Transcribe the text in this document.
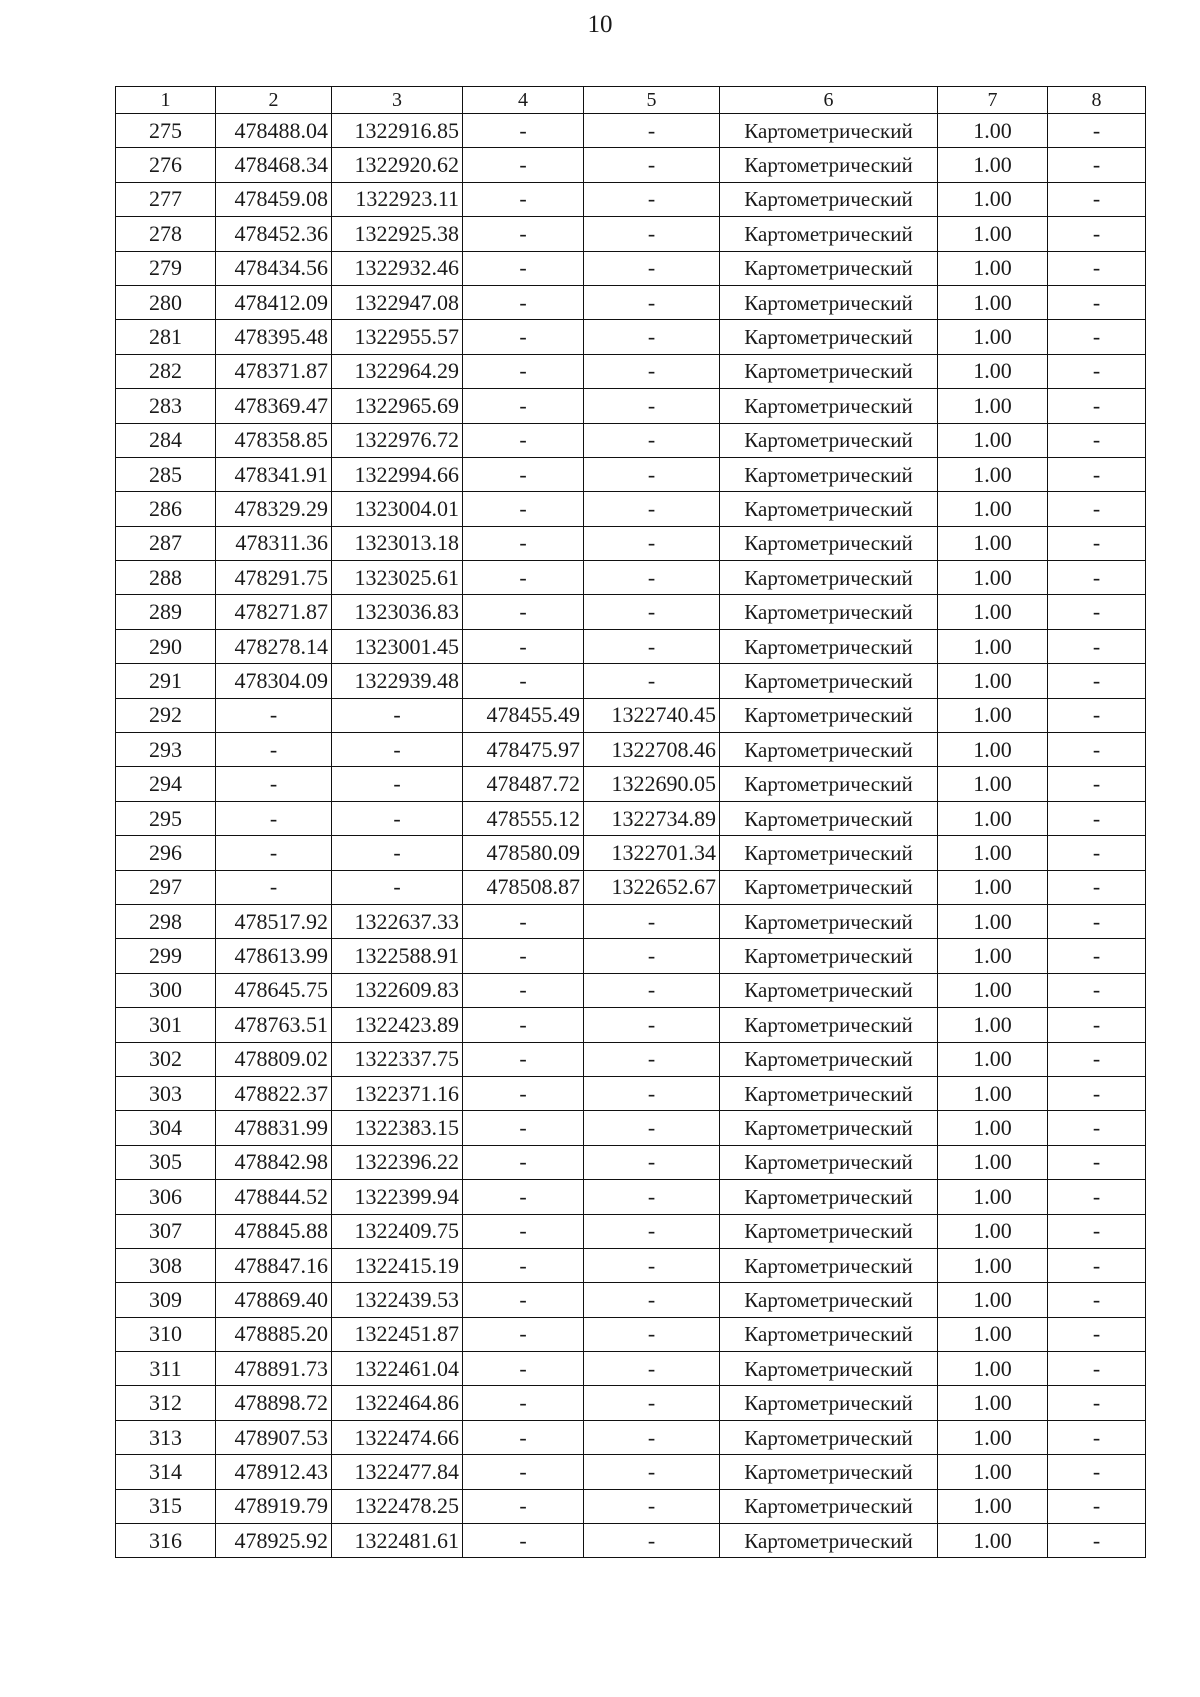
10
1	2	3	4	5	6	7	8
275	478488.04	1322916.85	-	-	Картометрический	1.00	-
276	478468.34	1322920.62	-	-	Картометрический	1.00	-
277	478459.08	1322923.11	-	-	Картометрический	1.00	-
278	478452.36	1322925.38	-	-	Картометрический	1.00	-
279	478434.56	1322932.46	-	-	Картометрический	1.00	-
280	478412.09	1322947.08	-	-	Картометрический	1.00	-
281	478395.48	1322955.57	-	-	Картометрический	1.00	-
282	478371.87	1322964.29	-	-	Картометрический	1.00	-
283	478369.47	1322965.69	-	-	Картометрический	1.00	-
284	478358.85	1322976.72	-	-	Картометрический	1.00	-
285	478341.91	1322994.66	-	-	Картометрический	1.00	-
286	478329.29	1323004.01	-	-	Картометрический	1.00	-
287	478311.36	1323013.18	-	-	Картометрический	1.00	-
288	478291.75	1323025.61	-	-	Картометрический	1.00	-
289	478271.87	1323036.83	-	-	Картометрический	1.00	-
290	478278.14	1323001.45	-	-	Картометрический	1.00	-
291	478304.09	1322939.48	-	-	Картометрический	1.00	-
292	-	-	478455.49	1322740.45	Картометрический	1.00	-
293	-	-	478475.97	1322708.46	Картометрический	1.00	-
294	-	-	478487.72	1322690.05	Картометрический	1.00	-
295	-	-	478555.12	1322734.89	Картометрический	1.00	-
296	-	-	478580.09	1322701.34	Картометрический	1.00	-
297	-	-	478508.87	1322652.67	Картометрический	1.00	-
298	478517.92	1322637.33	-	-	Картометрический	1.00	-
299	478613.99	1322588.91	-	-	Картометрический	1.00	-
300	478645.75	1322609.83	-	-	Картометрический	1.00	-
301	478763.51	1322423.89	-	-	Картометрический	1.00	-
302	478809.02	1322337.75	-	-	Картометрический	1.00	-
303	478822.37	1322371.16	-	-	Картометрический	1.00	-
304	478831.99	1322383.15	-	-	Картометрический	1.00	-
305	478842.98	1322396.22	-	-	Картометрический	1.00	-
306	478844.52	1322399.94	-	-	Картометрический	1.00	-
307	478845.88	1322409.75	-	-	Картометрический	1.00	-
308	478847.16	1322415.19	-	-	Картометрический	1.00	-
309	478869.40	1322439.53	-	-	Картометрический	1.00	-
310	478885.20	1322451.87	-	-	Картометрический	1.00	-
311	478891.73	1322461.04	-	-	Картометрический	1.00	-
312	478898.72	1322464.86	-	-	Картометрический	1.00	-
313	478907.53	1322474.66	-	-	Картометрический	1.00	-
314	478912.43	1322477.84	-	-	Картометрический	1.00	-
315	478919.79	1322478.25	-	-	Картометрический	1.00	-
316	478925.92	1322481.61	-	-	Картометрический	1.00	-
